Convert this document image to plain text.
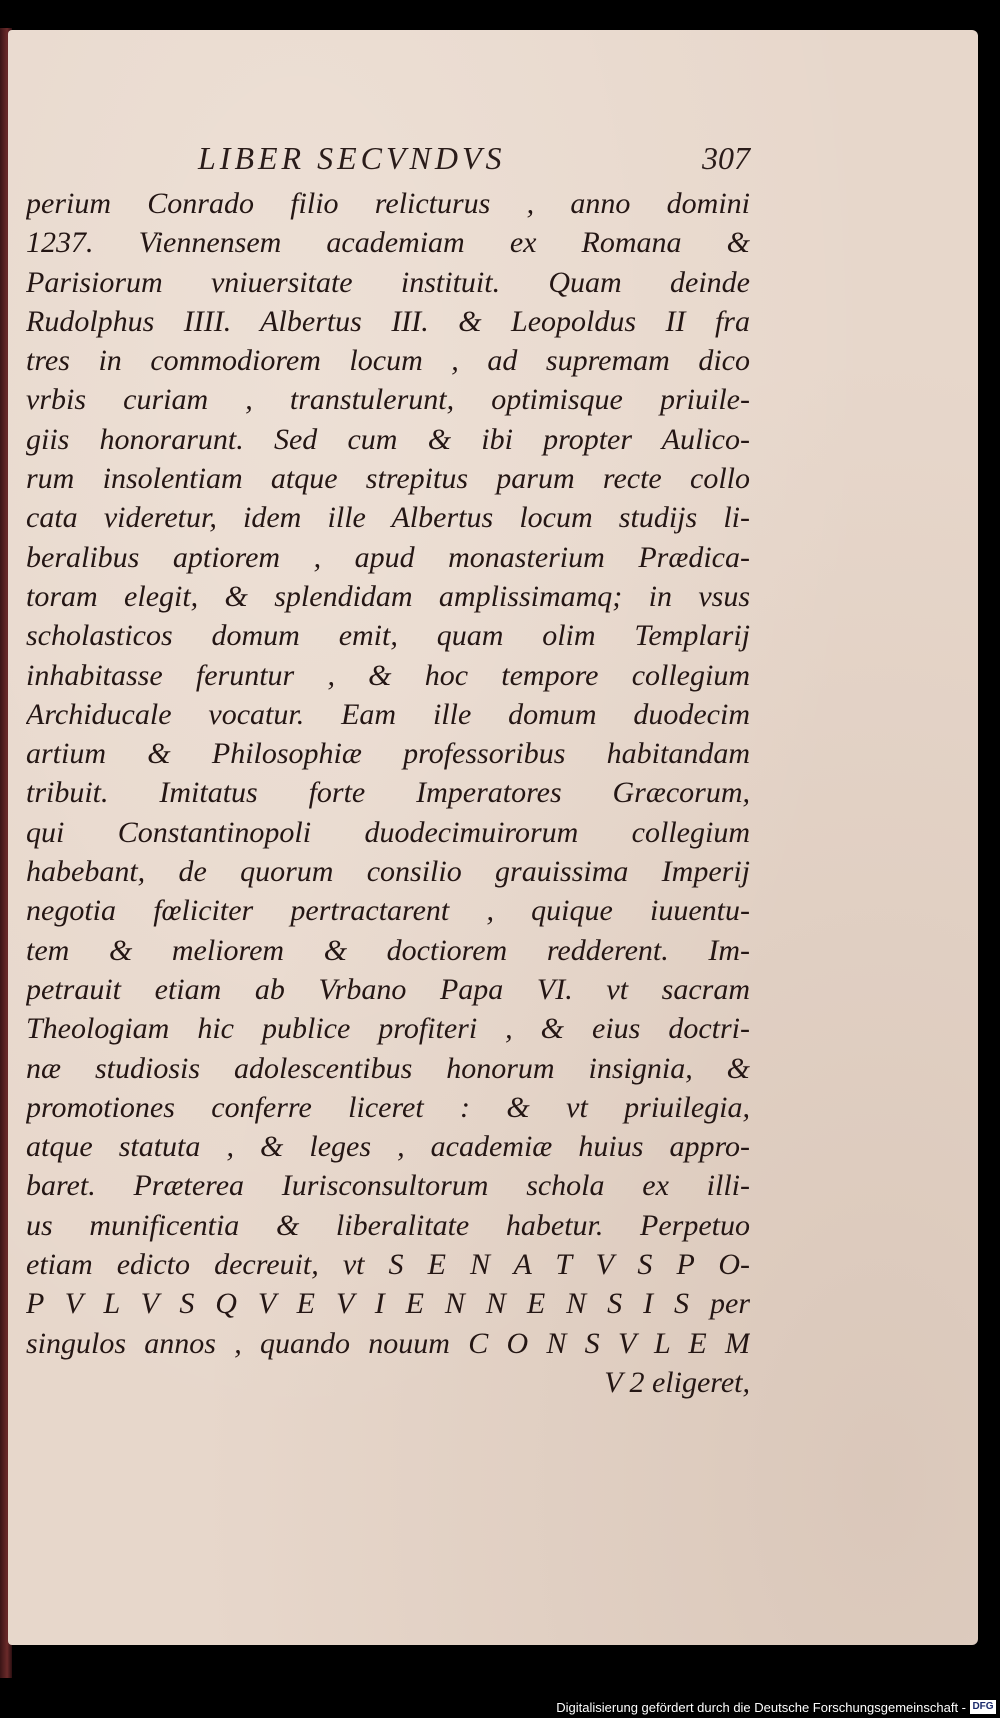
LIBER SECVNDVS	307
perium Conrado filio relicturus , anno domini
1237. Viennensem academiam ex Romana &
Parisiorum vniuersitate instituit. Quam deinde
Rudolphus IIII. Albertus III. & Leopoldus II fra
tres in commodiorem locum , ad supremam dico
vrbis curiam , transtulerunt, optimisque priuile-
giis honorarunt. Sed cum & ibi propter Aulico-
rum insolentiam atque strepitus parum recte collo
cata videretur, idem ille Albertus locum studijs li-
beralibus aptiorem , apud monasterium Prædica-
toram elegit, & splendidam amplissimamq; in vsus
scholasticos domum emit, quam olim Templarij
inhabitasse feruntur , & hoc tempore collegium
Archiducale vocatur. Eam ille domum duodecim
artium & Philosophiæ professoribus habitandam
tribuit. Imitatus forte Imperatores Græcorum,
qui Constantinopoli duodecimuirorum collegium
habebant, de quorum consilio grauissima Imperij
negotia fœliciter pertractarent , quique iuuentu-
tem & meliorem & doctiorem redderent. Im-
petrauit etiam ab Vrbano Papa VI. vt sacram
Theologiam hic publice profiteri , & eius doctri-
næ studiosis adolescentibus honorum insignia, &
promotiones conferre liceret : & vt priuilegia,
atque statuta , & leges , academiæ huius appro-
baret. Præterea Iurisconsultorum schola ex illi-
us munificentia & liberalitate habetur. Perpetuo
etiam edicto decreuit, vt S E N A T V S P O-
P V L V S Q V E V I E N N E N S I S per
singulos annos , quando nouum C O N S V L E M
V 2 eligeret,
Digitalisierung gefördert durch die Deutsche Forschungsgemeinschaft - DFG
